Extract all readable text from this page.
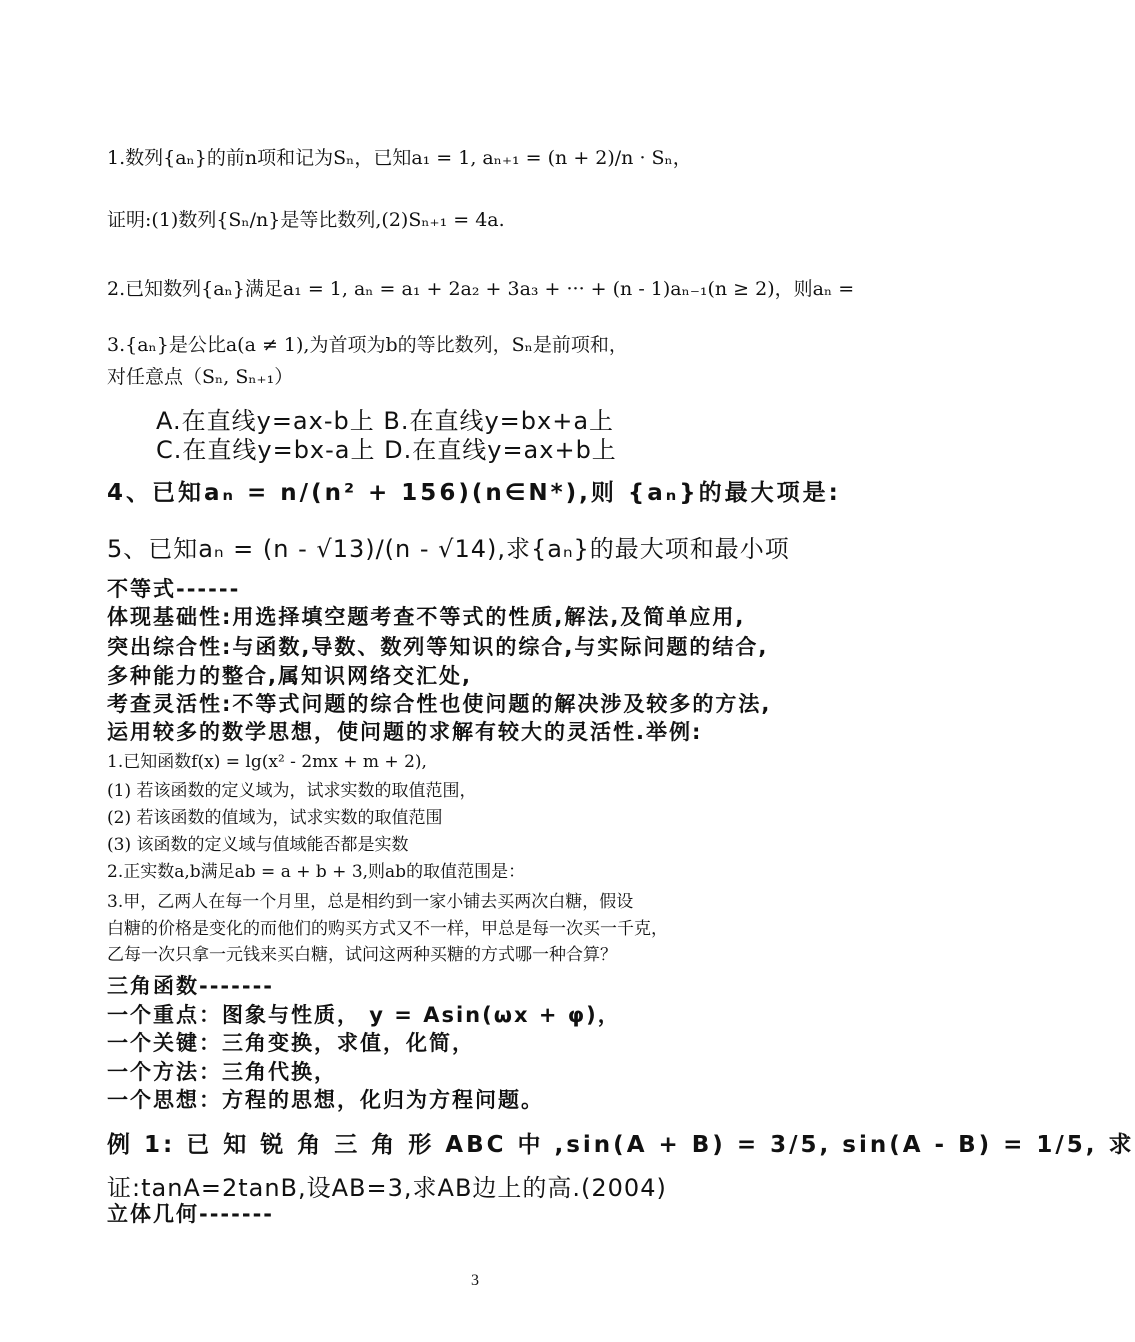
1.数列{aₙ}的前n项和记为Sₙ，已知a₁ = 1, aₙ₊₁ = (n + 2)/n · Sₙ，
证明:(1)数列{Sₙ/n}是等比数列,(2)Sₙ₊₁ = 4a.
2.已知数列{aₙ}满足a₁ = 1, aₙ = a₁ + 2a₂ + 3a₃ + ··· + (n - 1)aₙ₋₁(n ≥ 2)，则aₙ =
3.{aₙ}是公比a(a ≠ 1),为首项为b的等比数列，Sₙ是前项和，
对任意点（Sₙ, Sₙ₊₁）
A.在直线y=ax-b上 B.在直线y=bx+a上
C.在直线y=bx-a上 D.在直线y=ax+b上
4、已知aₙ = n/(n² + 156)(n∈N*),则 {aₙ}的最大项是:
5、已知aₙ = (n - √13)/(n - √14),求{aₙ}的最大项和最小项
不等式------
体现基础性:用选择填空题考查不等式的性质,解法,及简单应用,
突出综合性:与函数,导数、数列等知识的综合,与实际问题的结合,
多种能力的整合,属知识网络交汇处,
考查灵活性:不等式问题的综合性也使问题的解决涉及较多的方法,
运用较多的数学思想，使问题的求解有较大的灵活性.举例:
1.已知函数f(x) = lg(x² - 2mx + m + 2),
(1) 若该函数的定义域为，试求实数的取值范围，
(2) 若该函数的值域为，试求实数的取值范围
(3) 该函数的定义域与值域能否都是实数
2.正实数a,b满足ab = a + b + 3,则ab的取值范围是：
3.甲，乙两人在每一个月里，总是相约到一家小铺去买两次白糖，假设
白糖的价格是变化的而他们的购买方式又不一样，甲总是每一次买一千克，
乙每一次只拿一元钱来买白糖，试问这两种买糖的方式哪一种合算？
三角函数-------
一个重点：图象与性质， y = Asin(ωx + φ)，
一个关键：三角变换，求值，化简，
一个方法：三角代换，
一个思想：方程的思想，化归为方程问题。
例 1: 已 知 锐 角 三 角 形 ABC 中 ,sin(A + B) = 3/5, sin(A - B) = 1/5, 求
证:tanA=2tanB,设AB=3,求AB边上的高.(2004)
立体几何-------
3
